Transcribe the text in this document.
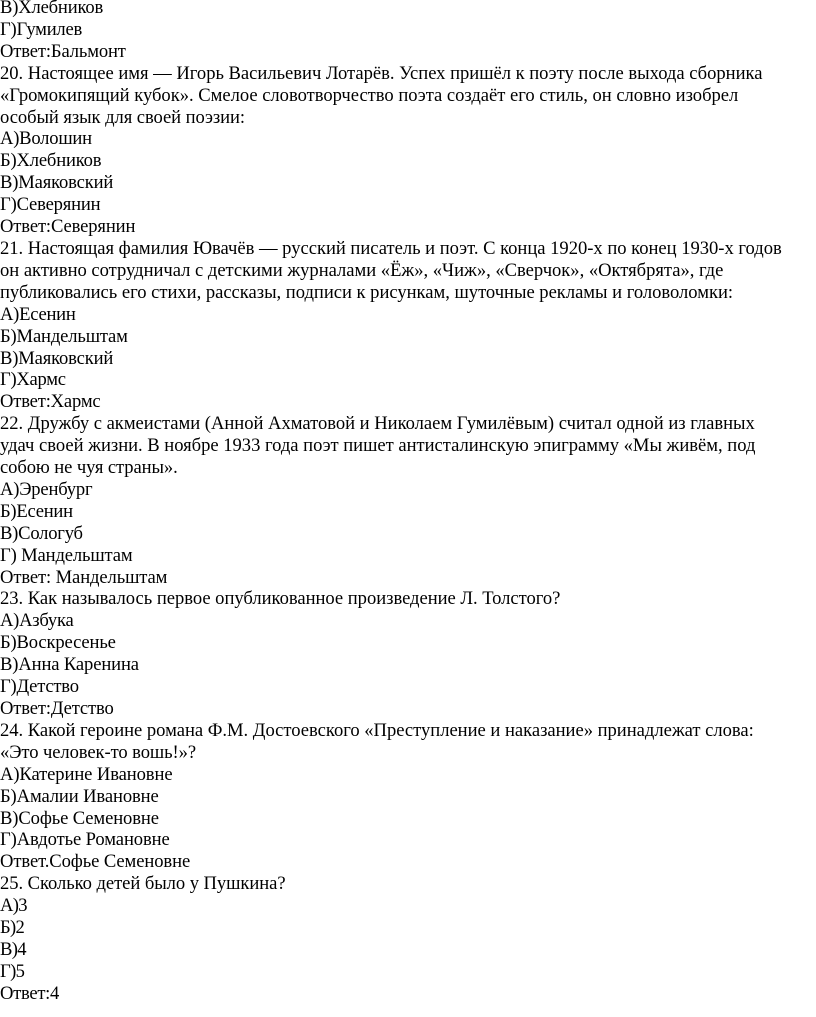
В)Хлебников
Г)Гумилев
Ответ:Бальмонт
20. Настоящее имя — Игорь Васильевич Лотарёв. Успех пришёл к поэту после выхода сборника
«Громокипящий кубок». Смелое словотворчество поэта создаёт его стиль, он словно изобрел
особый язык для своей поэзии:
А)Волошин
Б)Хлебников
В)Маяковский
Г)Северянин
Ответ:Северянин
21. Настоящая фамилия Ювачёв — русский писатель и поэт. С конца 1920-х по конец 1930-х годов
он активно сотрудничал с детскими журналами «Ёж», «Чиж», «Сверчок», «Октябрята», где
публиковались его стихи, рассказы, подписи к рисункам, шуточные рекламы и головоломки:
А)Есенин
Б)Мандельштам
В)Маяковский
Г)Хармс
Ответ:Хармс
22. Дружбу с акмеистами (Анной Ахматовой и Николаем Гумилёвым) считал одной из главных
удач своей жизни. В ноябре 1933 года поэт пишет антисталинскую эпиграмму «Мы живём, под
собою не чуя страны».
А)Эренбург
Б)Есенин
В)Сологуб
Г) Мандельштам
Ответ: Мандельштам
23. Как называлось первое опубликованное произведение Л. Толстого?
А)Азбука
Б)Воскресенье
В)Анна Каренина
Г)Детство
Ответ:Детство
24. Какой героине романа Ф.М. Достоевского «Преступление и наказание» принадлежат слова:
«Это человек-то вошь!»?
А)Катерине Ивановне
Б)Амалии Ивановне
В)Софье Семеновне
Г)Авдотье Романовне
Ответ.Софье Семеновне
25. Сколько детей было у Пушкина?
А)3
Б)2
В)4
Г)5
Ответ:4
